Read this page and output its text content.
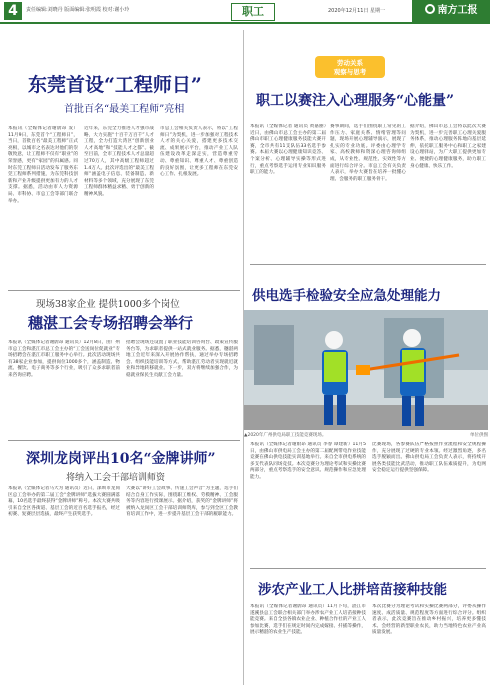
4	责任编辑:刘晓丹 版面编辑:张明霞 校对:谢小玲	职工	2020年12月11日 星期一	南方工报
东莞首设“工程师日”
首批百名“最美工程师”亮相
本报讯（全媒体记者谢蔚昂 发）11月9日，东莞首个“工程师日”，当日，首批百名“最美工程师”正式亮相，以城市之名表达对他们的崇敬致意，让工程师不仅有“职业”的荣誉感，更有“家园”的归属感。同时东莞工程师日活动发布了服务东莞工程师系列措施，为东莞科技创新和产业升级提供更加有力的人才支撑。据悉，活动由市人力资源局、市科协、市总工会等部门联合举办。
近年来，东莞全力推进人才强市战略，大力实施“十百千万百千”人才工程，全力打造大湾区“创新创业人才高地”和“技能人才之都”。截至目前，全市工程技术人才总量超过70万人，其中高级工程师超过1.4万人。此次评选出的“最美工程师”涵盖电子信息、装备制造、新材料等多个领域，充分展现了东莞工程师群体精益求精、勇于创新的精神风貌。
市总工会相关负责人表示，将以“工程师日”为契机，进一步加强对工程技术人才的关心关爱，搭建更多技术交流、成果展示平台，推动产业工人队伍建设改革走深走实，营造尊重劳动、尊重知识、尊重人才、尊重创造的良好氛围，让更多工程师在东莞安心工作、扎根发展。
劳动关系
观察与思考
职工以赛注入心理服务“心能量”
本报讯（全媒体记者 通讯员 黄嘉丽）近日，由佛山市总工会主办的第二届佛山市职工心理健康服务技能大赛开赛，全市共有11支队伍33名选手参赛。本届大赛以心理健康知识竞答、个案分析、心理辅导实操等形式进行，重点考察选手运用专业知识服务职工的能力。
赛事期间，选手们围绕职工常见的工作压力、家庭关系、情绪管理等问题，现场开展心理辅导演示，展现了扎实的专业功底。评委由心理学专家、高校教师和资深心理咨询师组成，从专业性、规范性、实效性等方面进行综合评分。市总工会有关负责人表示，举办大赛旨在培养一批懂心理、会服务的职工服务骨干。
据介绍，佛山市总工会将以此次大赛为契机，进一步完善职工心理关爱服务体系，推动心理服务阵地向基层延伸，依托职工服务中心和职工之家建设心理驿站，为广大职工提供更加专业、便捷的心理健康服务，助力职工身心健康、快乐工作。
现场38家企业 提供1000多个岗位
穗湛工会专场招聘会举行
本报讯（全媒体记者谢蔚昂 通讯员）12月8日，由广州市总工会和湛江市总工会主办的“工会送岗位促就业”专场招聘会在湛江市职工服务中心举行。此次活动现场共有38家企业参加，提供岗位1000多个，涵盖制造、物流、餐饮、电子商务等多个行业，吸引了众多求职者前来咨询应聘。
招聘会现场还设置了职业技能培训咨询台、政策宣传服务台等，为求职者提供一站式就业服务。据悉，穗湛两地工会近年来深入开展协作帮扶，通过举办专场招聘会、组织技能培训等方式，帮助湛江劳动者实现就近就业和异地转移就业。下一步，双方将继续加强合作，为稳就业保民生贡献工会力量。
供电选手检验安全应急处理能力
▲2020年广州供电局职工技能竞赛现场。	单位供图
本报讯（全媒体记者谢蔚昂 通讯员 李春 谭建新）11月5日，由佛山市供电局工会主办的第二届配网带电作业技能竞赛在佛山供电技能实训基地举行。来自全市供电系统的多支代表队同场竞技。本次竞赛分为理论考试和实操比赛两部分，重点考察选手的安全意识、规范操作和应急处理能力。
比赛现场，各参赛队伍严格按照作业流程和安全规程操作，充分展现了过硬的专业本领。经过激烈角逐，多名选手脱颖而出。佛山供电局工会负责人表示，将持续开展各类技能比武活动，推动职工队伍素质提升，为电网安全稳定运行提供坚强保障。
深圳龙岗评出10名“金牌讲师”
将纳入工会干部培训师资
本报讯（全媒体记者马大为 通讯员）近日，深圳市龙岗区总工会举办的第二届工会“金牌讲师”选拔大赛圆满落幕，10名选手最终获得“金牌讲师”称号。本次大赛共吸引来自全区各街道、基层工会的近百名选手报名，经过初赛、复赛层层选拔，最终产生获奖选手。
大赛以“讲好工会故事、传递工会声音”为主题，选手们结合自身工作实际，围绕职工维权、劳模精神、工会服务等内容进行授课展示。据介绍，获奖的“金牌讲师”将被纳入龙岗区工会干部培训师资库，参与到全区工会教育培训工作中，进一步提升基层工会干部的履职能力。
涉农产业工人比拼培苗接种技能
本报讯（全媒体记者谢蔚昂 通讯员）11月下旬，湛江市遂溪县总工会联合相关部门举办涉农产业工人培苗接种技能竞赛。来自全县各镇农业企业、种植合作社的产业工人参加比赛，选手们在规定时间内完成嫁接、扦插等操作，展示精湛的农业生产技能。
本次比赛分为理论考试和实操比赛两部分，评委从操作速度、成活质量、规范程度等方面进行综合评分。组织者表示，此次竞赛旨在推动乡村振兴，培养更多懂技术、会经营的新型职业农民，助力当地特色农业产业高质量发展。
